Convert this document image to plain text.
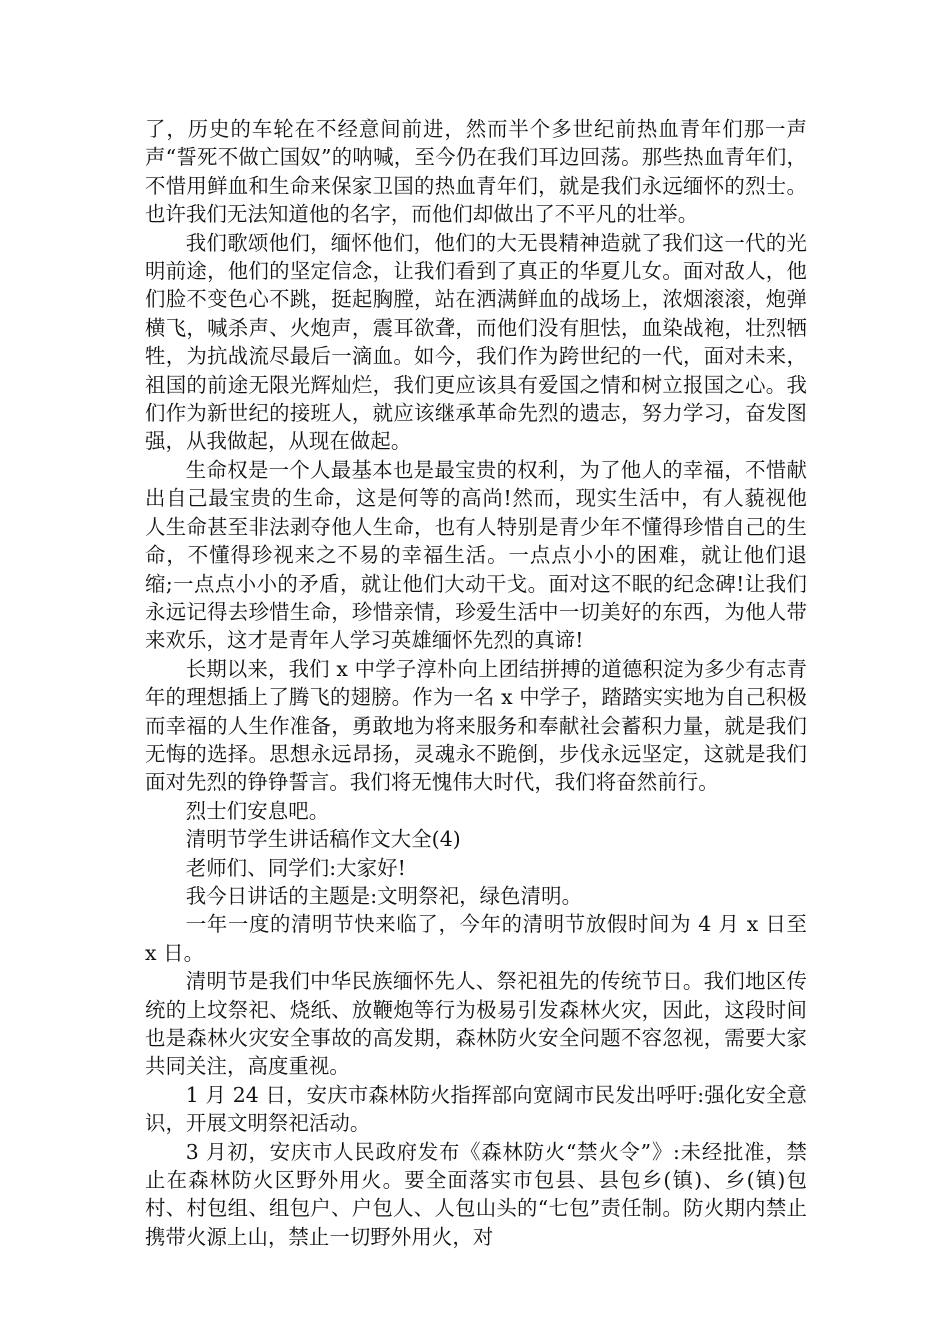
了，历史的车轮在不经意间前进，然而半个多世纪前热血青年们那一声声“誓死不做亡国奴”的呐喊，至今仍在我们耳边回荡。那些热血青年们，不惜用鲜血和生命来保家卫国的热血青年们，就是我们永远缅怀的烈士。也许我们无法知道他的名字，而他们却做出了不平凡的壮举。

我们歌颂他们，缅怀他们，他们的大无畏精神造就了我们这一代的光明前途，他们的坚定信念，让我们看到了真正的华夏儿女。面对敌人，他们脸不变色心不跳，挺起胸膛，站在洒满鲜血的战场上，浓烟滚滚，炮弹横飞，喊杀声、火炮声，震耳欲聋，而他们没有胆怯，血染战袍，壮烈牺牲，为抗战流尽最后一滴血。如今，我们作为跨世纪的一代，面对未来，祖国的前途无限光辉灿烂，我们更应该具有爱国之情和树立报国之心。我们作为新世纪的接班人，就应该继承革命先烈的遗志，努力学习，奋发图强，从我做起，从现在做起。

生命权是一个人最基本也是最宝贵的权利，为了他人的幸福，不惜献出自己最宝贵的生命，这是何等的高尚!然而，现实生活中，有人藐视他人生命甚至非法剥夺他人生命，也有人特别是青少年不懂得珍惜自己的生命，不懂得珍视来之不易的幸福生活。一点点小小的困难，就让他们退缩;一点点小小的矛盾，就让他们大动干戈。面对这不眠的纪念碑!让我们永远记得去珍惜生命，珍惜亲情，珍爱生活中一切美好的东西，为他人带来欢乐，这才是青年人学习英雄缅怀先烈的真谛!

长期以来，我们 x 中学子淳朴向上团结拼搏的道德积淀为多少有志青年的理想插上了腾飞的翅膀。作为一名 x 中学子，踏踏实实地为自己积极而幸福的人生作准备，勇敢地为将来服务和奉献社会蓄积力量，就是我们无悔的选择。思想永远昂扬，灵魂永不跪倒，步伐永远坚定，这就是我们面对先烈的铮铮誓言。我们将无愧伟大时代，我们将奋然前行。

烈士们安息吧。

清明节学生讲话稿作文大全(4)

老师们、同学们:大家好!

我今日讲话的主题是:文明祭祀，绿色清明。

一年一度的清明节快来临了，今年的清明节放假时间为 4 月 x 日至 x 日。

清明节是我们中华民族缅怀先人、祭祀祖先的传统节日。我们地区传统的上坟祭祀、烧纸、放鞭炮等行为极易引发森林火灾，因此，这段时间也是森林火灾安全事故的高发期，森林防火安全问题不容忽视，需要大家共同关注，高度重视。

1 月 24 日，安庆市森林防火指挥部向宽阔市民发出呼吁:强化安全意识，开展文明祭祀活动。

3 月初，安庆市人民政府发布《森林防火“禁火令”》:未经批准，禁止在森林防火区野外用火。要全面落实市包县、县包乡(镇)、乡(镇)包村、村包组、组包户、户包人、人包山头的“七包”责任制。防火期内禁止携带火源上山，禁止一切野外用火，对
